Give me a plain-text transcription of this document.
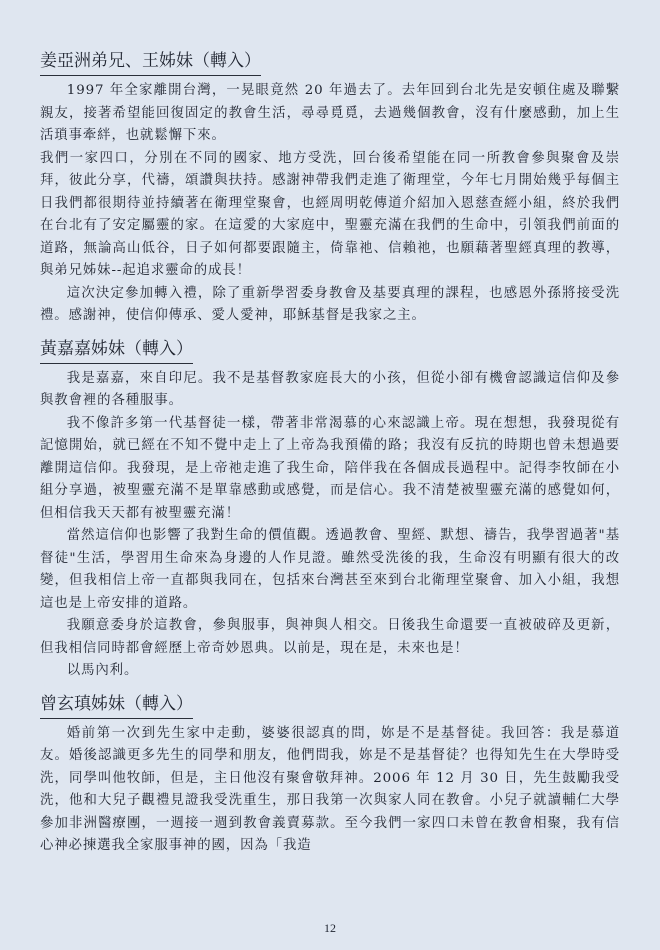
姜亞洲弟兄、王姊妹（轉入）

1997 年全家離開台灣，一晃眼竟然 20 年過去了。去年回到台北先是安頓住處及聯繫親友，接著希望能回復固定的教會生活，尋尋覓覓，去過幾個教會，沒有什麼感動，加上生活瑣事牽絆，也就鬆懈下來。

我們一家四口，分別在不同的國家、地方受洗，回台後希望能在同一所教會參與聚會及崇拜，彼此分享，代禱，頌讚與扶持。感謝神帶我們走進了衛理堂，今年七月開始幾乎每個主日我們都很期待並持續著在衛理堂聚會，也經周明乾傳道介紹加入恩慈查經小組，終於我們在台北有了安定屬靈的家。在這愛的大家庭中，聖靈充滿在我們的生命中，引領我們前面的道路，無論高山低谷，日子如何都要跟隨主，倚靠祂、信賴祂，也願藉著聖經真理的教導，與弟兄姊妹--起追求靈命的成長！

這次決定參加轉入禮，除了重新學習委身教會及基要真理的課程，也感恩外孫將接受洗禮。感謝神，使信仰傳承、愛人愛神，耶穌基督是我家之主。

黃嘉嘉姊妹（轉入）

我是嘉嘉，來自印尼。我不是基督教家庭長大的小孩，但從小卻有機會認識這信仰及參與教會裡的各種服事。

我不像許多第一代基督徒一樣，帶著非常渴慕的心來認識上帝。現在想想，我發現從有記憶開始，就已經在不知不覺中走上了上帝為我預備的路；我沒有反抗的時期也曾未想過要離開這信仰。我發現，是上帝祂走進了我生命，陪伴我在各個成長過程中。記得李牧師在小組分享過，被聖靈充滿不是單靠感動或感覺，而是信心。我不清楚被聖靈充滿的感覺如何，但相信我天天都有被聖靈充滿！

當然這信仰也影響了我對生命的價值觀。透過教會、聖經、默想、禱告，我學習過著"基督徒"生活，學習用生命來為身邊的人作見證。雖然受洗後的我，生命沒有明顯有很大的改變，但我相信上帝一直都與我同在，包括來台灣甚至來到台北衛理堂聚會、加入小組，我想這也是上帝安排的道路。

我願意委身於這教會，參與服事，與神與人相交。日後我生命還要一直被破碎及更新，但我相信同時都會經歷上帝奇妙恩典。以前是，現在是，未來也是！

以馬內利。

曾玄瑱姊妹（轉入）

婚前第一次到先生家中走動，婆婆很認真的問，妳是不是基督徒。我回答：我是慕道友。婚後認識更多先生的同學和朋友，他們問我，妳是不是基督徒？也得知先生在大學時受洗，同學叫他牧師，但是，主日他沒有聚會敬拜神。2006 年 12 月 30 日，先生鼓勵我受洗，他和大兒子觀禮見證我受洗重生，那日我第一次與家人同在教會。小兒子就讀輔仁大學參加非洲醫療團，一週接一週到教會義賣募款。至今我們一家四口未曾在教會相聚，我有信心神必揀選我全家服事神的國，因為「我造

12
